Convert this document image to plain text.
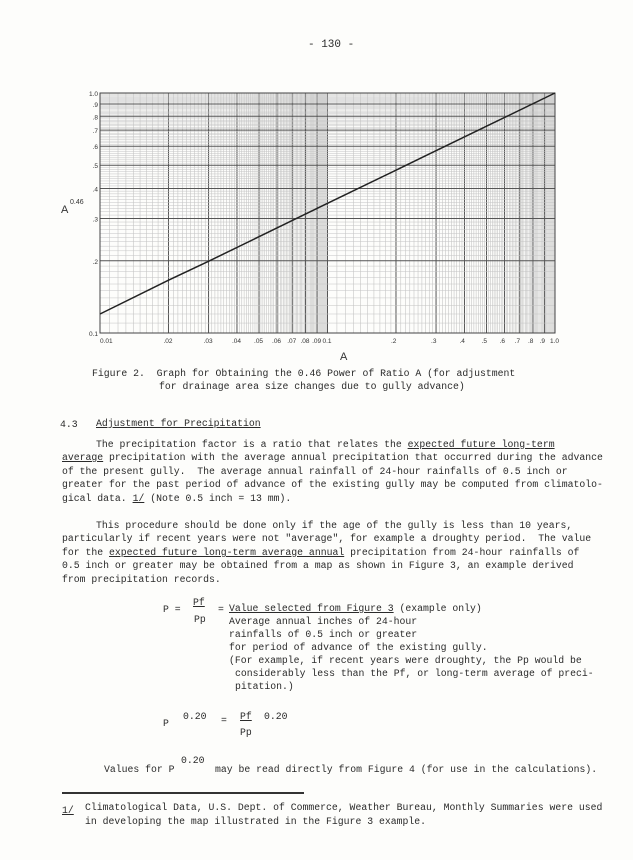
- 130 -
0.01	.02	.03	.04 .05 .06 .07 .08 .09 0.1	.2	.3	.4	.5 .6 .7 .8 .9 1.0
0.1
.2
.3
.4
.5
.6
.7
.8
.9
1.0
A
A
0.46
Figure 2.  Graph for Obtaining the 0.46 Power of Ratio A (for adjustment
for drainage area size changes due to gully advance)
4.3 Adjustment for Precipitation
The precipitation factor is a ratio that relates the expected future long-term
average precipitation with the average annual precipitation that occurred during the advance
of the present gully.  The average annual rainfall of 24-hour rainfalls of 0.5 inch or
greater for the past period of advance of the existing gully may be computed from climatolo-
gical data. 1/ (Note 0.5 inch = 13 mm).
This procedure should be done only if the age of the gully is less than 10 years,
particularly if recent years were not "average", for example a droughty period.  The value
for the expected future long-term average annual precipitation from 24-hour rainfalls of
0.5 inch or greater may be obtained from a map as shown in Figure 3, an example derived
from precipitation records.
P =
Pf
Pp
= Value selected from Figure 3 (example only)
Average annual inches of 24-hour
rainfalls of 0.5 inch or greater
for period of advance of the existing gully.
(For example, if recent years were droughty, the Pp would be
considerably less than the Pf, or long-term average of preci-
pitation.)
P
0.20 = Pf 0.20
Pp
Values for P
0.20
may be read directly from Figure 4 (for use in the calculations).
1/ Climatological Data, U.S. Dept. of Commerce, Weather Bureau, Monthly Summaries were used
in developing the map illustrated in the Figure 3 example.
